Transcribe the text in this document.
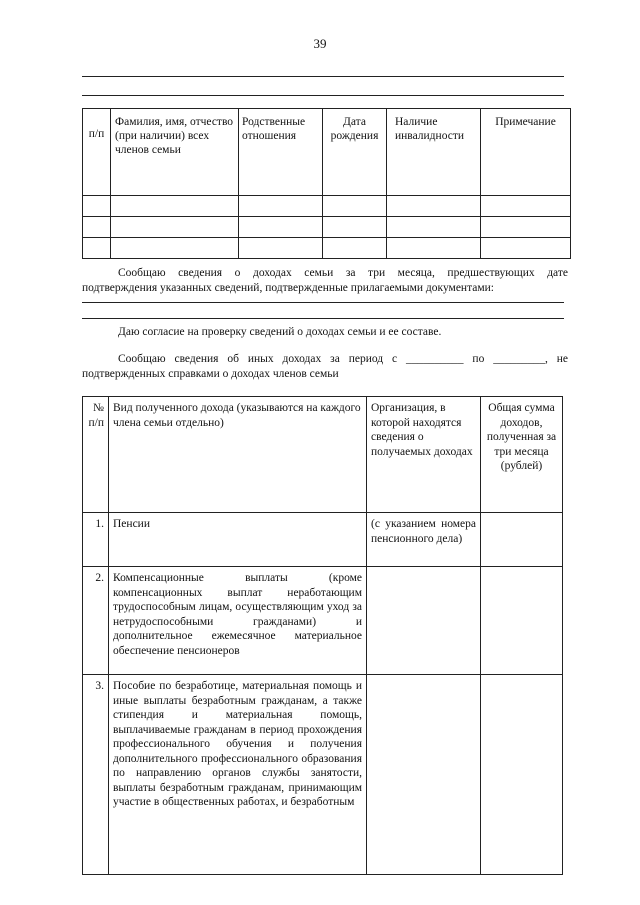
39
п/п	Фамилия, имя, отчество (при наличии) всех членов семьи	Родственные отношения	Дата рождения	Наличие инвалидности	Примечание

Сообщаю сведения о доходах семьи за три месяца, предшествующих дате
подтверждения указанных сведений, подтвержденные прилагаемыми документами:
Даю согласие на проверку сведений о доходах семьи и ее составе.
Сообщаю сведения об иных доходах за период с __________ по _________, не
подтвержденных справками о доходах членов семьи
№ п/п	Вид полученного дохода (указываются на каждого члена семьи отдельно)	Организация, в которой находятся сведения о получаемых доходах	Общая сумма доходов, полученная за три месяца (рублей)
1.	Пенсии	(с указанием номера пенсионного дела)	
2.	Компенсационные выплаты (кроме компенсационных выплат неработающим трудоспособным лицам, осуществляющим уход за нетрудоспособными гражданами) и дополнительное ежемесячное материальное обеспечение пенсионеров		
3.	Пособие по безработице, материальная помощь и иные выплаты безработным гражданам, а также стипендия и материальная помощь, выплачиваемые гражданам в период прохождения профессионального обучения и получения дополнительного профессионального образования по направлению органов службы занятости, выплаты безработным гражданам, принимающим участие в общественных работах, и безработным		
